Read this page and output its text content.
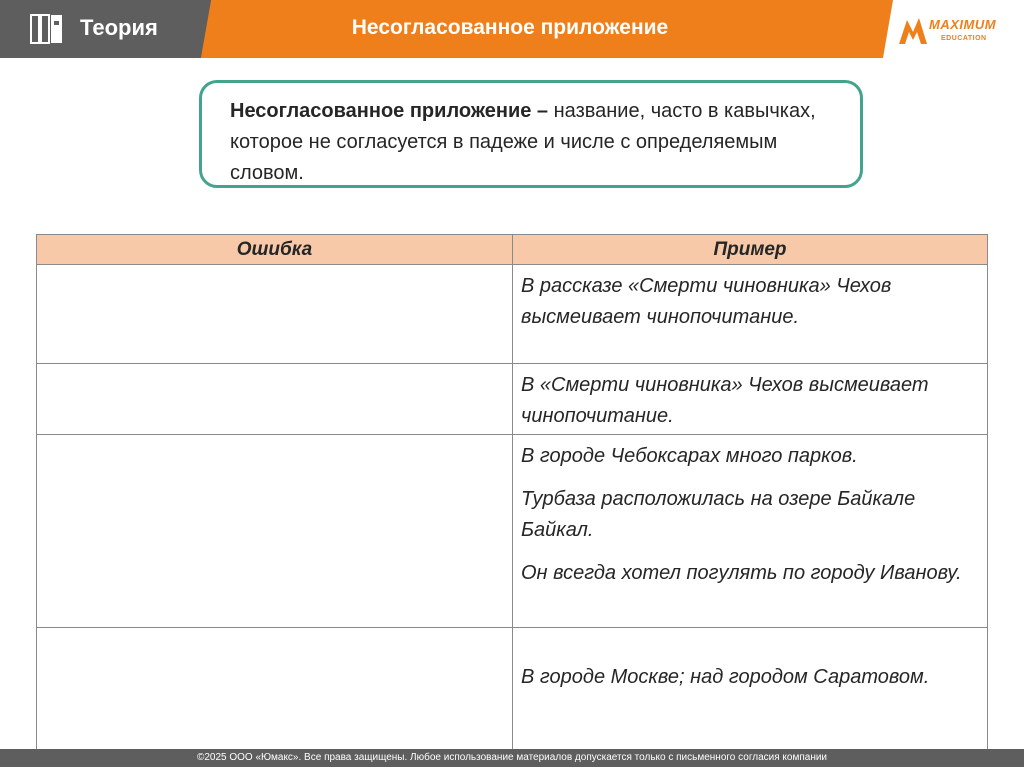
Теория	Несогласованное приложение	MAXIMUM
EDUCATION
Несогласованное приложение – название, часто в кавычках, которое не согласуется в падеже и числе с определяемым словом.
Ошибка	Пример

	В рассказе «Смерти чиновника» Чехов высмеивает чинопочитание.

	В «Смерти чиновника» Чехов высмеивает чинопочитание.

	В городе Чебоксарах много парков.

Турбаза расположилась на озере Байкале Байкал.

Он всегда хотел погулять по городу Иванову.

	В городе Москве; над городом Саратовом.

©2025 ООО «Юмакс». Все права защищены. Любое использование материалов допускается только с письменного согласия компании
